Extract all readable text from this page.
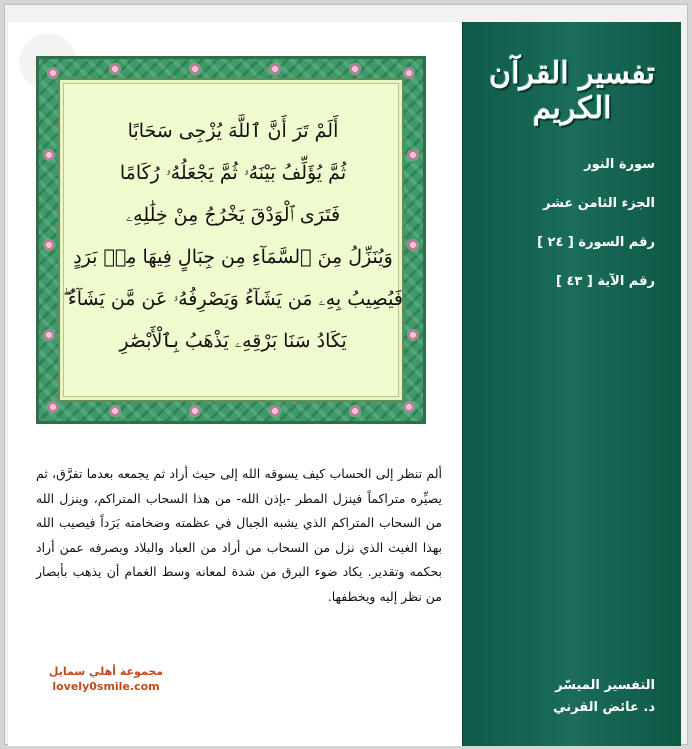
تفسير القرآن الكريم
سورة النور
الجزء الثامن عشر
رقم السورة [ ٢٤ ]
رقم الآية [ ٤٣ ]
التفسير الميسّر
د. عائض القرني
أَلَمْ تَرَ أَنَّ ٱللَّهَ يُزْجِى سَحَابًا
ثُمَّ يُؤَلِّفُ بَيْنَهُۥ ثُمَّ يَجْعَلُهُۥ رُكَامًا
فَتَرَى ٱلْوَدْقَ يَخْرُجُ مِنْ خِلَٰلِهِۦ
وَيُنَزِّلُ مِنَ ٱلسَّمَآءِ مِن جِبَالٍ فِيهَا مِنۢ بَرَدٍ
فَيُصِيبُ بِهِۦ مَن يَشَآءُ وَيَصْرِفُهُۥ عَن مَّن يَشَآءُ ۖ
يَكَادُ سَنَا بَرْقِهِۦ يَذْهَبُ بِٱلْأَبْصَٰرِ
ألم تنظر إلى الحساب كيف يسوقه الله إلى حيث أراد ثم يجمعه بعدما تفرَّق، ثم يصيِّره متراكماً فينزل المطر -بإذن الله- من هذا السحاب المتراكم، وينزل الله من السحاب المتراكم الذي يشبه الجبال في عظمته وضخامته بَرَداً فيصيب الله بهذا الغيث الذي نزل من السحاب من أراد من العباد والبلاد ويصرفه عمن أراد بحكمه وتقدير. يكاد ضوء البرق من شدة لمعانه وسط الغمام أن يذهب بأبصار من نظر إليه ويخطفها.
مجموعة أهلي سمايل
lovely0smile.com
